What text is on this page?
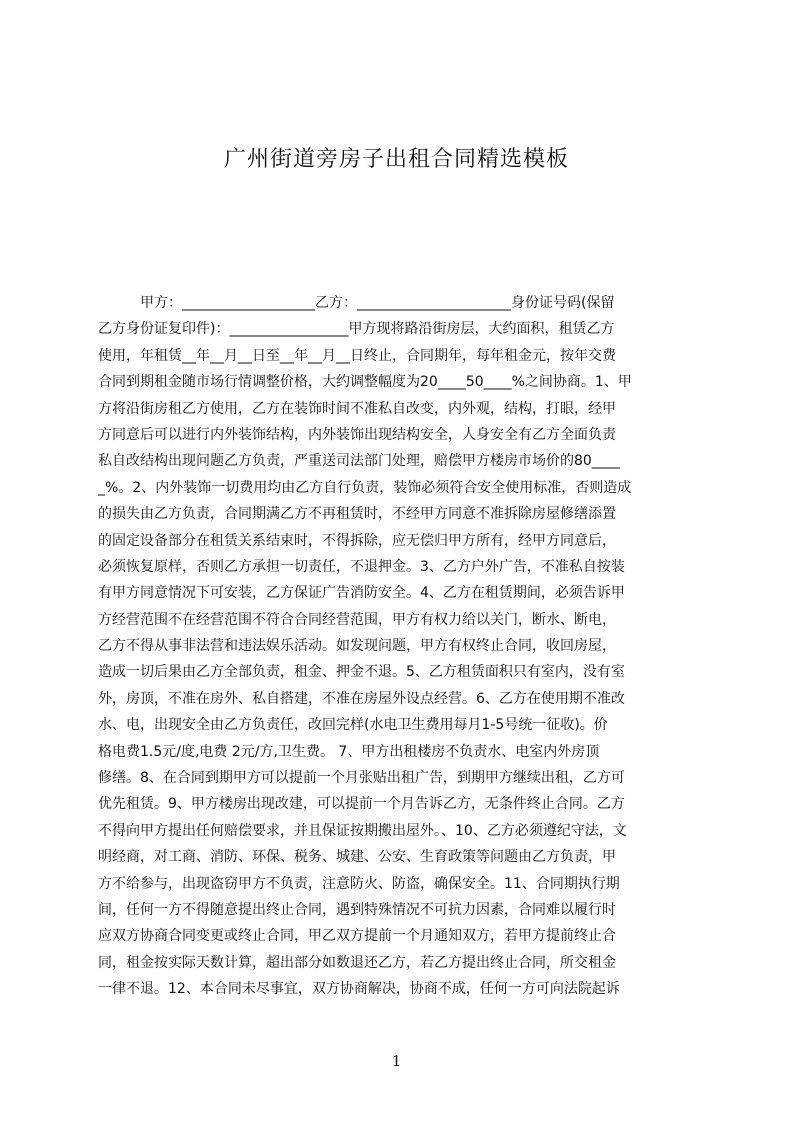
广州街道旁房子出租合同精选模板
甲方：___________________乙方：______________________身份证号码(保留
乙方身份证复印件)：_________________甲方现将路沿街房层，大约面积，租赁乙方
使用，年租赁__年__月__日至__年__月__日终止，合同期年，每年租金元，按年交费
合同到期租金随市场行情调整价格，大约调整幅度为20____50____%之间协商。1、甲
方将沿街房租乙方使用，乙方在装饰时间不准私自改变，内外观，结构，打眼，经甲
方同意后可以进行内外装饰结构，内外装饰出现结构安全，人身安全有乙方全面负责
私自改结构出现问题乙方负责，严重送司法部门处理，赔偿甲方楼房市场价的80____
_%。2、内外装饰一切费用均由乙方自行负责，装饰必须符合安全使用标准，否则造成
的损失由乙方负责，合同期满乙方不再租赁时，不经甲方同意不准拆除房屋修缮添置
的固定设备部分在租赁关系结束时，不得拆除，应无偿归甲方所有，经甲方同意后，
必须恢复原样，否则乙方承担一切责任，不退押金。3、乙方户外广告，不准私自按装
有甲方同意情况下可安装，乙方保证广告消防安全。4、乙方在租赁期间，必须告诉甲
方经营范围不在经营范围不符合合同经营范围，甲方有权力给以关门，断水、断电，
乙方不得从事非法营和违法娱乐活动。如发现问题，甲方有权终止合同，收回房屋，
造成一切后果由乙方全部负责，租金、押金不退。5、乙方租赁面积只有室内，没有室
外，房顶，不准在房外、私自搭建，不准在房屋外设点经营。6、乙方在使用期不准改
水、电，出现安全由乙方负责任，改回完样(水电卫生费用每月1-5号统一征收)。价
格电费1.5元/度,电费 2元/方,卫生费。 7、甲方出租楼房不负责水、电室内外房顶
修缮。8、在合同到期甲方可以提前一个月张贴出租广告，到期甲方继续出租，乙方可
优先租赁。9、甲方楼房出现改建，可以提前一个月告诉乙方，无条件终止合同。乙方
不得向甲方提出任何赔偿要求，并且保证按期搬出屋外。、10、乙方必须遵纪守法，文
明经商，对工商、消防、环保、税务、城建、公安、生育政策等问题由乙方负责，甲
方不给参与，出现盗窃甲方不负责，注意防火、防盗，确保安全。11、合同期执行期
间，任何一方不得随意提出终止合同，遇到特殊情况不可抗力因素，合同难以履行时
应双方协商合同变更或终止合同，甲乙双方提前一个月通知双方，若甲方提前终止合
同，租金按实际天数计算，超出部分如数退还乙方，若乙方提出终止合同，所交租金
一律不退。12、本合同未尽事宜，双方协商解决，协商不成，任何一方可向法院起诉
1
